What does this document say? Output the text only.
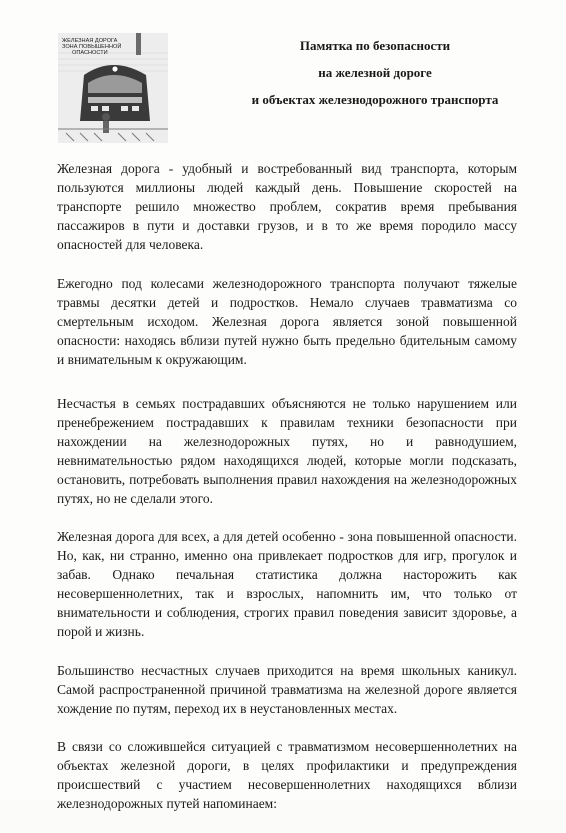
ЖЕЛЕЗНАЯ ДОРОГА
ЗОНА ПОВЫШЕННОЙ
ОПАСНОСТИ	Памятка по безопасности
на железной дороге
и объектах железнодорожного транспорта

Железная дорога - удобный и востребованный вид транспорта, которым пользуются миллионы людей каждый день. Повышение скоростей на транспорте решило множество проблем, сократив время пребывания пассажиров в пути и доставки грузов, и в то же время породило массу опасностей для человека.

Ежегодно под колесами железнодорожного транспорта получают тяжелые травмы десятки детей и подростков. Немало случаев травматизма со смертельным исходом. Железная дорога является зоной повышенной опасности: находясь вблизи путей нужно быть предельно бдительным самому и внимательным к окружающим.

Несчастья в семьях пострадавших объясняются не только нарушением или пренебрежением пострадавших к правилам техники безопасности при нахождении на железнодорожных путях, но и равнодушием, невнимательностью рядом находящихся людей, которые могли подсказать, остановить, потребовать выполнения правил нахождения на железнодорожных путях, но не сделали этого.

Железная дорога для всех, а для детей особенно - зона повышенной опасности. Но, как, ни странно, именно она привлекает подростков для игр, прогулок и забав. Однако печальная статистика должна насторожить как несовершеннолетних, так и взрослых, напомнить им, что только от внимательности и соблюдения, строгих правил поведения зависит здоровье, а порой и жизнь.

Большинство несчастных случаев приходится на время школьных каникул. Самой распространенной причиной травматизма на железной дороге является хождение по путям, переход их в неустановленных местах.

В связи со сложившейся ситуацией с травматизмом несовершеннолетних на объектах железной дороги, в целях профилактики и предупреждения происшествий с участием несовершеннолетних находящихся вблизи железнодорожных путей напоминаем:
